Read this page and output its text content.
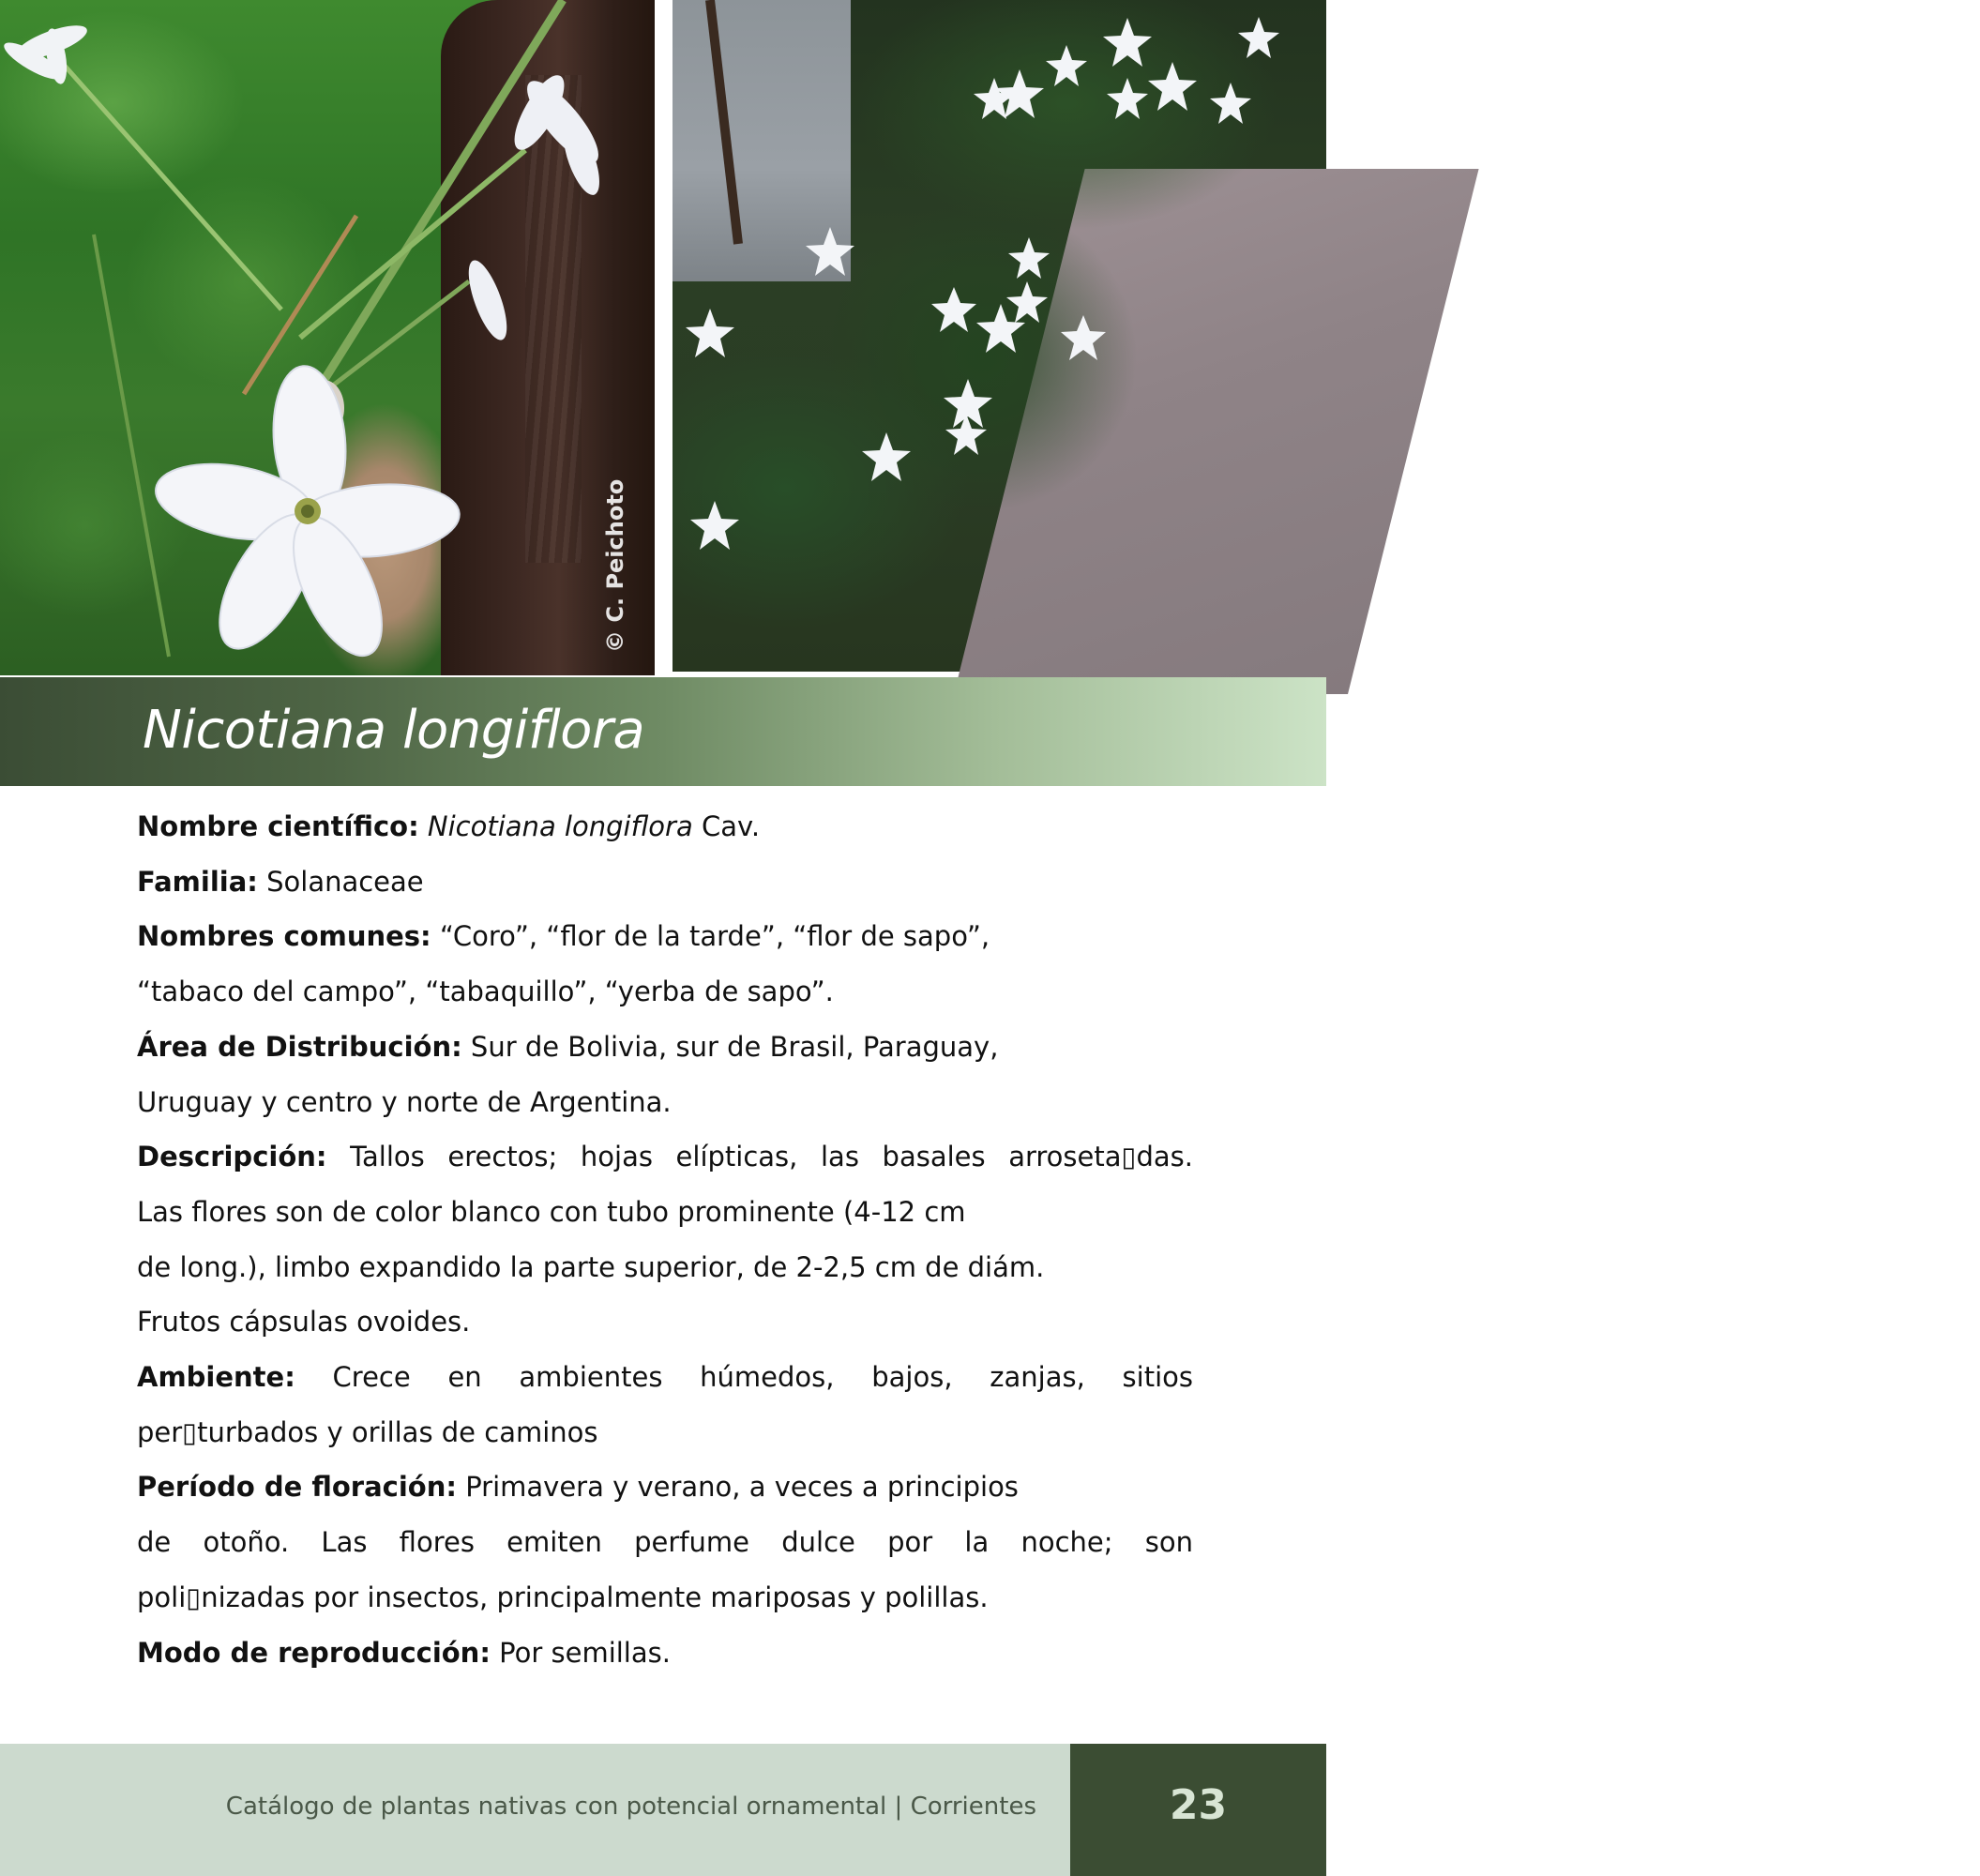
© C. Peichoto	© B.Olmedo
Nicotiana longiflora

Nombre científico: Nicotiana longiflora Cav.

Familia: Solanaceae

Nombres comunes: “Coro”, “flor de la tarde”, “flor de sapo”,

“tabaco del campo”, “tabaquillo”, “yerba de sapo”.

Área de Distribución: Sur de Bolivia, sur de Brasil, Paraguay,

Uruguay y centro y norte de Argentina.

Descripción: Tallos erectos; hojas elípticas, las basales arroseta▯das.

Las flores son de color blanco con tubo prominente (4-12 cm

de long.), limbo expandido la parte superior, de 2-2,5 cm de diám.

Frutos cápsulas ovoides.

Ambiente: Crece en ambientes húmedos, bajos, zanjas, sitios

per▯turbados y orillas de caminos

Período de floración: Primavera y verano, a veces a principios

de otoño. Las flores emiten perfume dulce por la noche; son

poli▯nizadas por insectos, principalmente mariposas y polillas.

Modo de reproducción: Por semillas.

Catálogo de plantas nativas con potencial ornamental | Corrientes	23
